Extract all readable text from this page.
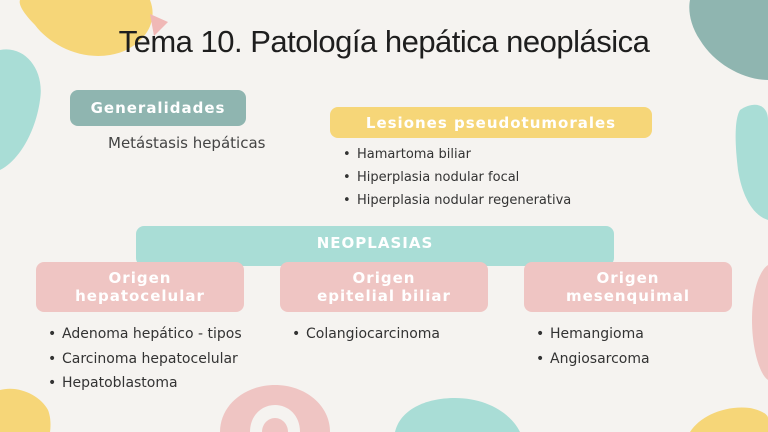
Tema 10. Patología hepática neoplásica
Generalidades
Metástasis hepáticas
Lesiones pseudotumorales
• Hamartoma biliar
• Hiperplasia nodular focal
• Hiperplasia nodular regenerativa
NEOPLASIAS
Origen
hepatocelular
Origen
epitelial biliar
Origen
mesenquimal
• Adenoma hepático - tipos
• Carcinoma hepatocelular
• Hepatoblastoma
• Colangiocarcinoma
•	Hemangioma
• Angiosarcoma
